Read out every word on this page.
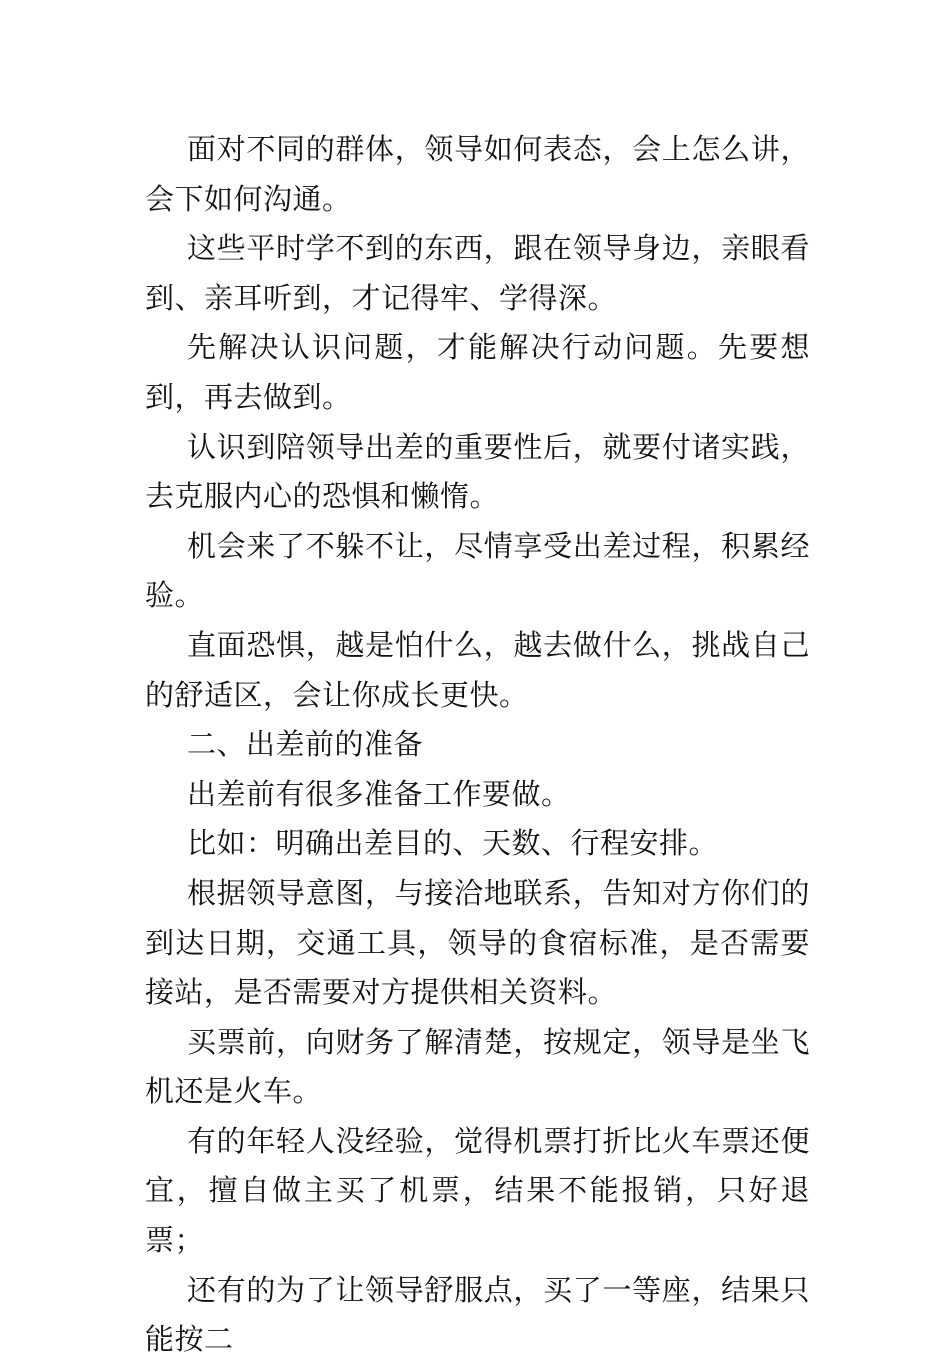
面对不同的群体，领导如何表态，会上怎么讲，会下如何沟通。

这些平时学不到的东西，跟在领导身边，亲眼看到、亲耳听到，才记得牢、学得深。

先解决认识问题，才能解决行动问题。先要想到，再去做到。

认识到陪领导出差的重要性后，就要付诸实践，去克服内心的恐惧和懒惰。

机会来了不躲不让，尽情享受出差过程，积累经验。

直面恐惧，越是怕什么，越去做什么，挑战自己的舒适区，会让你成长更快。

二、出差前的准备

出差前有很多准备工作要做。

比如：明确出差目的、天数、行程安排。

根据领导意图，与接洽地联系，告知对方你们的到达日期，交通工具，领导的食宿标准，是否需要接站，是否需要对方提供相关资料。

买票前，向财务了解清楚，按规定，领导是坐飞机还是火车。

有的年轻人没经验，觉得机票打折比火车票还便宜，擅自做主买了机票，结果不能报销，只好退票；

还有的为了让领导舒服点，买了一等座，结果只能按二
